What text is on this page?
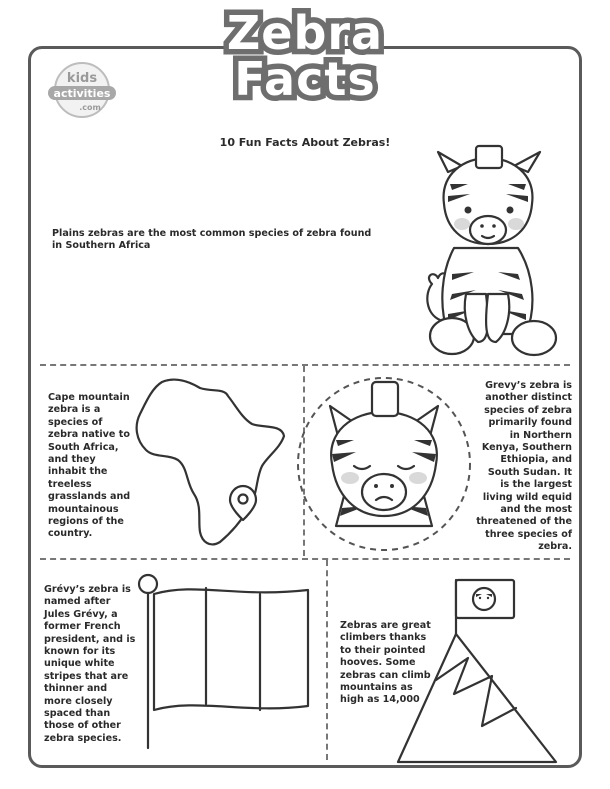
Zebra
Facts
kids
activities
.com
10 Fun Facts About Zebras!
Plains zebras are the most common species of zebra found in Southern Africa
Cape mountain zebra is a species of zebra native to South Africa, and they inhabit the treeless grasslands and mountainous regions of the country.
Grevy’s zebra is another distinct species of zebra primarily found in Northern Kenya, Southern Ethiopia, and South Sudan. It is the largest living wild equid and the most threatened of the three species of zebra.
Grévy’s zebra is named after Jules Grévy, a former French president, and is known for its unique white stripes that are thinner and more closely spaced than those of other zebra species.
Zebras are great climbers thanks to their pointed hooves. Some zebras can climb mountains as high as 14,000
